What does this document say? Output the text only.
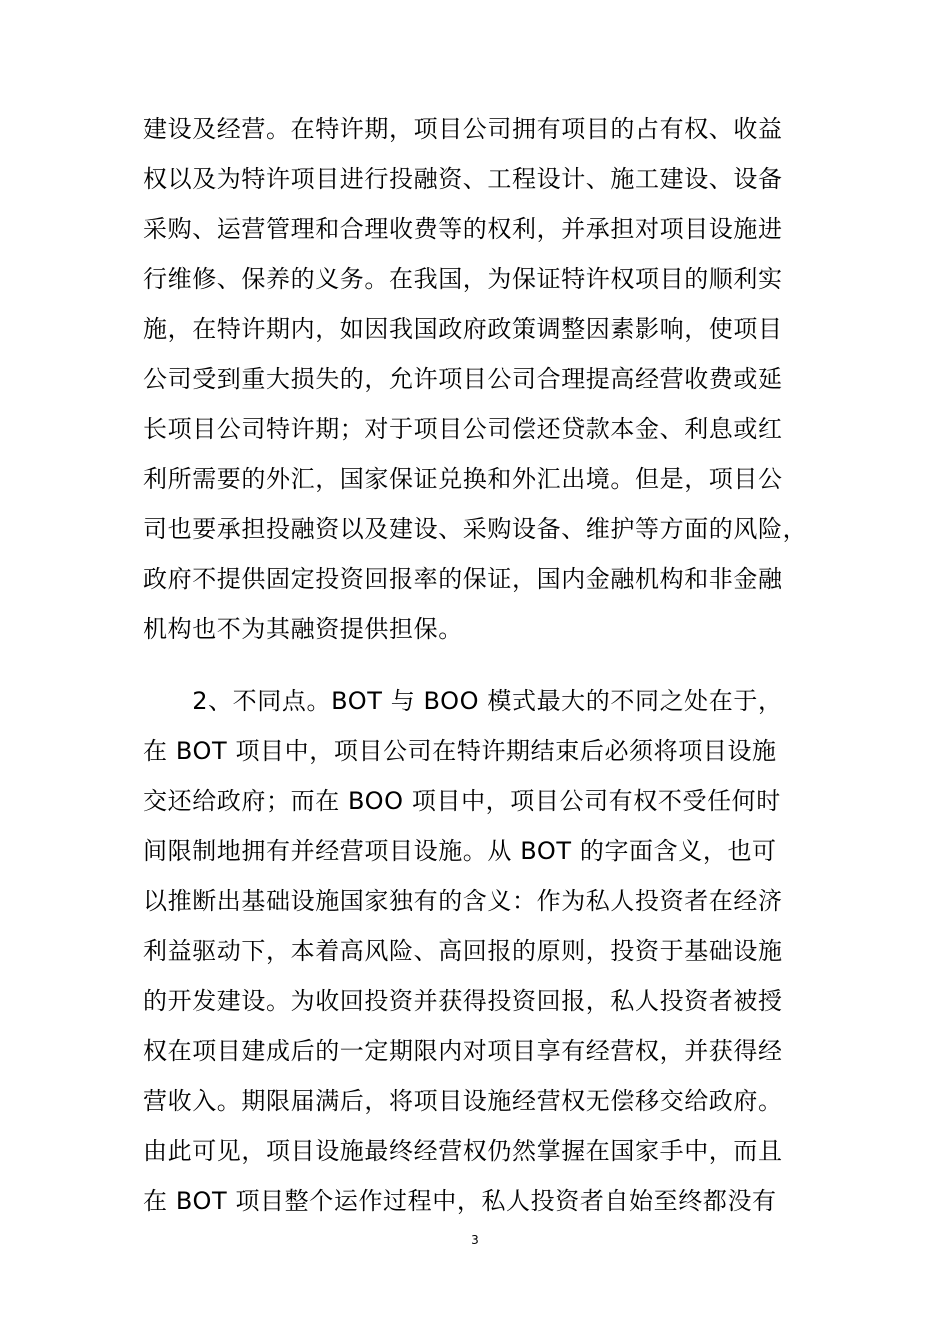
建设及经营。在特许期，项目公司拥有项目的占有权、收益
权以及为特许项目进行投融资、工程设计、施工建设、设备
采购、运营管理和合理收费等的权利，并承担对项目设施进
行维修、保养的义务。在我国，为保证特许权项目的顺利实
施，在特许期内，如因我国政府政策调整因素影响，使项目
公司受到重大损失的，允许项目公司合理提高经营收费或延
长项目公司特许期；对于项目公司偿还贷款本金、利息或红
利所需要的外汇，国家保证兑换和外汇出境。但是，项目公
司也要承担投融资以及建设、采购设备、维护等方面的风险，
政府不提供固定投资回报率的保证，国内金融机构和非金融
机构也不为其融资提供担保。
　　2、不同点。BOT 与 BOO 模式最大的不同之处在于，
在 BOT 项目中，项目公司在特许期结束后必须将项目设施
交还给政府；而在 BOO 项目中，项目公司有权不受任何时
间限制地拥有并经营项目设施。从 BOT 的字面含义，也可
以推断出基础设施国家独有的含义：作为私人投资者在经济
利益驱动下，本着高风险、高回报的原则，投资于基础设施
的开发建设。为收回投资并获得投资回报，私人投资者被授
权在项目建成后的一定期限内对项目享有经营权，并获得经
营收入。期限届满后，将项目设施经营权无偿移交给政府。
由此可见，项目设施最终经营权仍然掌握在国家手中，而且
在 BOT 项目整个运作过程中，私人投资者自始至终都没有
3
